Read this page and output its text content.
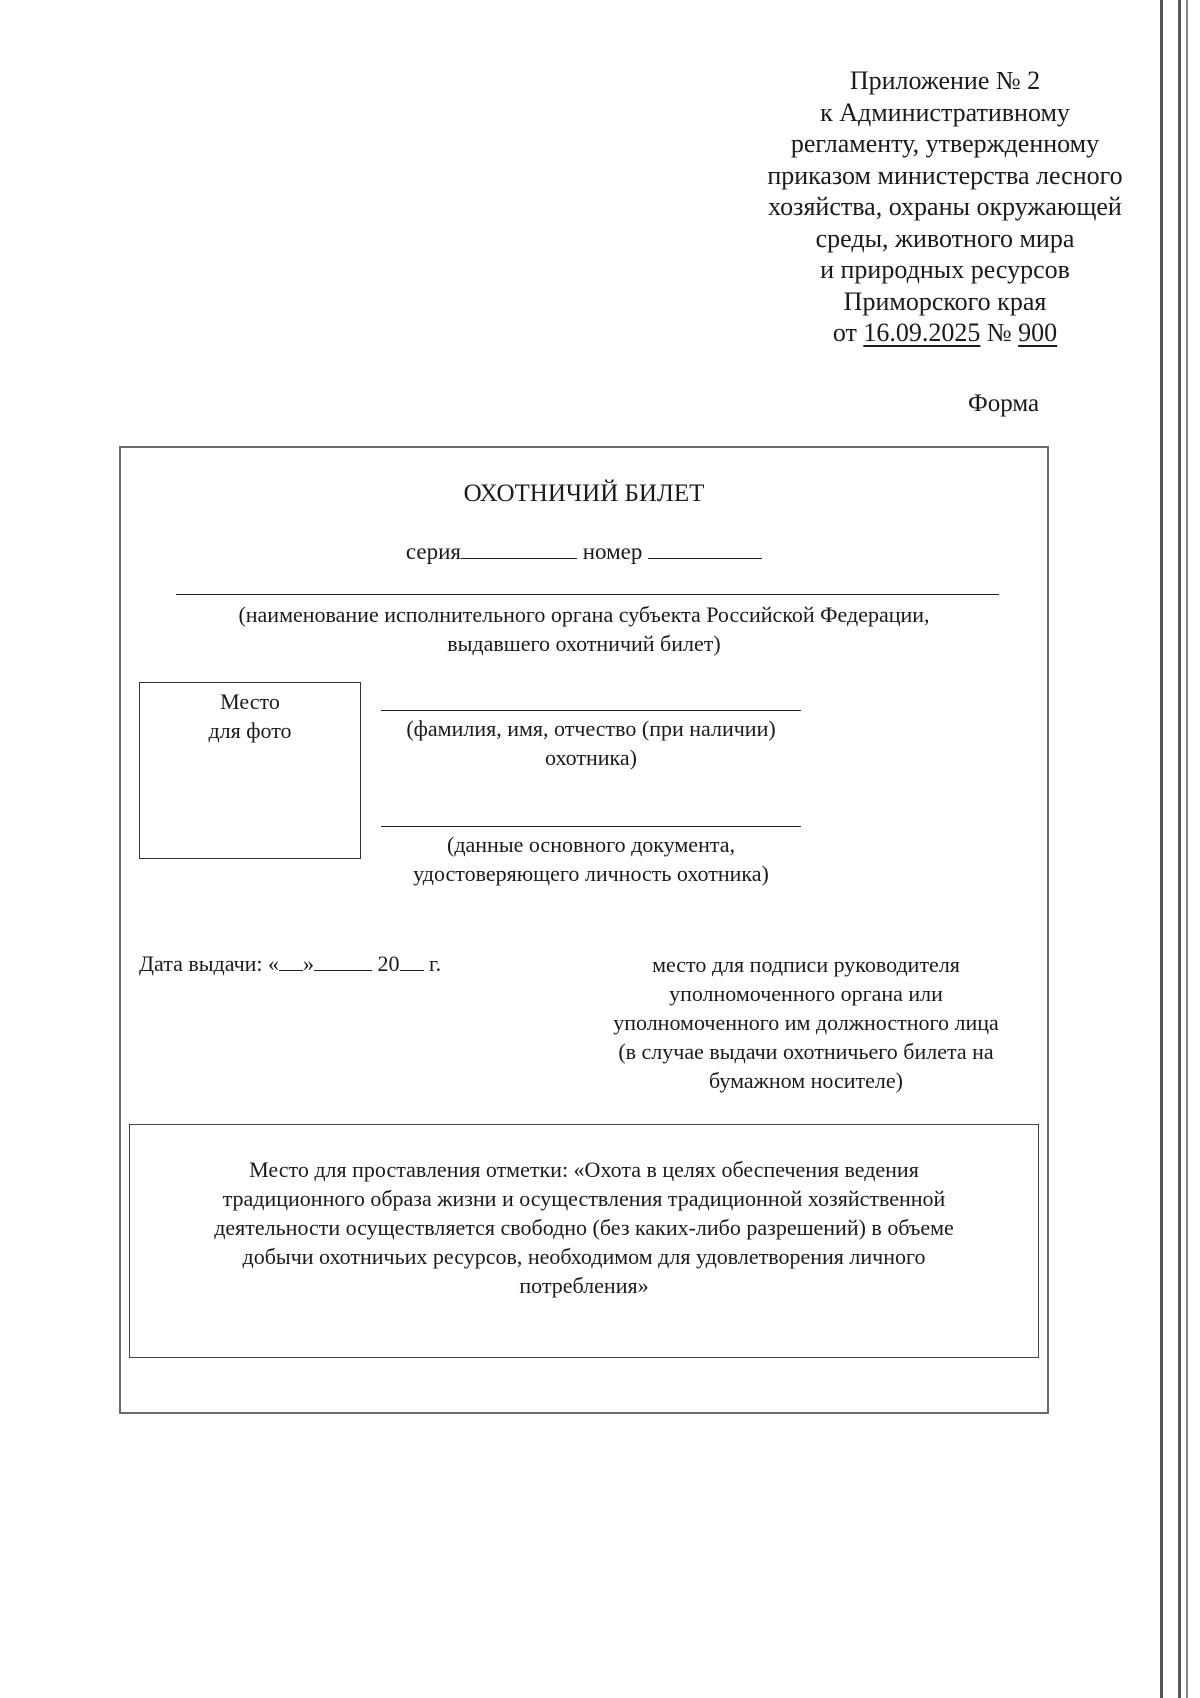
Приложение № 2
к Административному
регламенту, утвержденному
приказом министерства лесного
хозяйства, охраны окружающей
среды, животного мира
и природных ресурсов
Приморского края
от 16.09.2025 № 900
Форма
ОХОТНИЧИЙ БИЛЕТ
серия	номер
(наименование исполнительного органа субъекта Российской Федерации,
выдавшего охотничий билет)
Место
для фото	(фамилия, имя, отчество (при наличии)
охотника)
(данные основного документа,
удостоверяющего личность охотника)
Дата выдачи: « »	20 г.	место для подписи руководителя
уполномоченного органа или
уполномоченного им должностного лица
(в случае выдачи охотничьего билета на
бумажном носителе)
Место для проставления отметки: «Охота в целях обеспечения ведения
традиционного образа жизни и осуществления традиционной хозяйственной
деятельности осуществляется свободно (без каких-либо разрешений) в объеме
добычи охотничьих ресурсов, необходимом для удовлетворения личного
потребления»
